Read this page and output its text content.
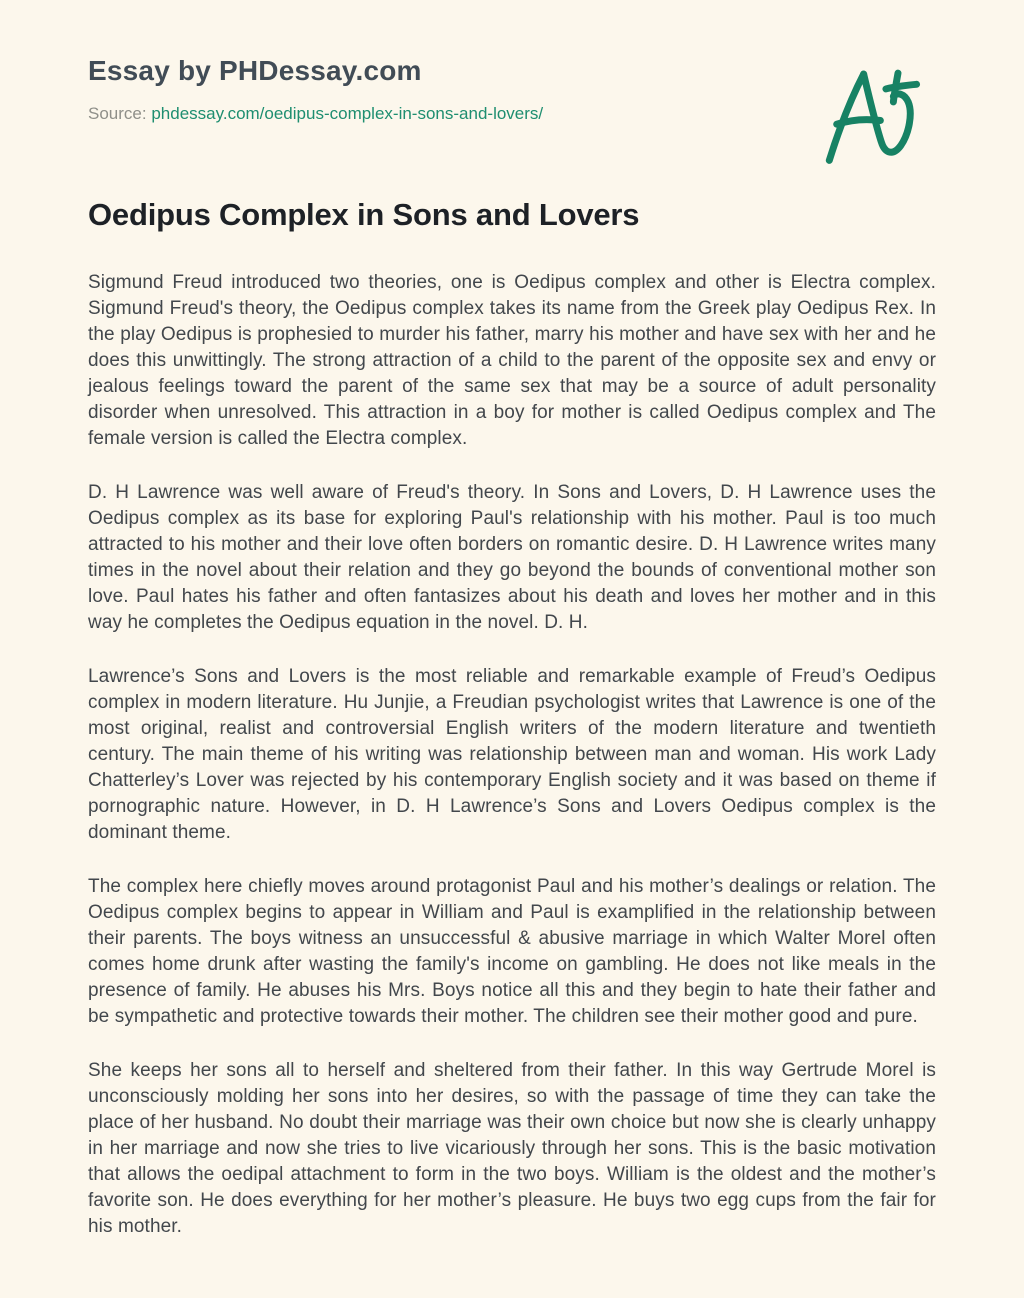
Essay by PHDessay.com
Source: phdessay.com/oedipus-complex-in-sons-and-lovers/
Oedipus Complex in Sons and Lovers

Sigmund Freud introduced two theories, one is Oedipus complex and other is Electra complex. Sigmund Freud's theory, the Oedipus complex takes its name from the Greek play Oedipus Rex. In the play Oedipus is prophesied to murder his father, marry his mother and have sex with her and he does this unwittingly. The strong attraction of a child to the parent of the opposite sex and envy or jealous feelings toward the parent of the same sex that may be a source of adult personality disorder when unresolved. This attraction in a boy for mother is called Oedipus complex and The female version is called the Electra complex.

D. H Lawrence was well aware of Freud's theory. In Sons and Lovers, D. H Lawrence uses the Oedipus complex as its base for exploring Paul's relationship with his mother. Paul is too much attracted to his mother and their love often borders on romantic desire. D. H Lawrence writes many times in the novel about their relation and they go beyond the bounds of conventional mother son love. Paul hates his father and often fantasizes about his death and loves her mother and in this way he completes the Oedipus equation in the novel. D. H.

Lawrence’s Sons and Lovers is the most reliable and remarkable example of Freud’s Oedipus complex in modern literature. Hu Junjie, a Freudian psychologist writes that Lawrence is one of the most original, realist and controversial English writers of the modern literature and twentieth century. The main theme of his writing was relationship between man and woman. His work Lady Chatterley’s Lover was rejected by his contemporary English society and it was based on theme if pornographic nature. However, in D. H Lawrence’s Sons and Lovers Oedipus complex is the dominant theme.

The complex here chiefly moves around protagonist Paul and his mother’s dealings or relation. The Oedipus complex begins to appear in William and Paul is examplified in the relationship between their parents. The boys witness an unsuccessful & abusive marriage in which Walter Morel often comes home drunk after wasting the family's income on gambling. He does not like meals in the presence of family. He abuses his Mrs. Boys notice all this and they begin to hate their father and be sympathetic and protective towards their mother. The children see their mother good and pure.

She keeps her sons all to herself and sheltered from their father. In this way Gertrude Morel is unconsciously molding her sons into her desires, so with the passage of time they can take the place of her husband. No doubt their marriage was their own choice but now she is clearly unhappy in her marriage and now she tries to live vicariously through her sons. This is the basic motivation that allows the oedipal attachment to form in the two boys. William is the oldest and the mother’s favorite son. He does everything for her mother’s pleasure. He buys two egg cups from the fair for his mother.
